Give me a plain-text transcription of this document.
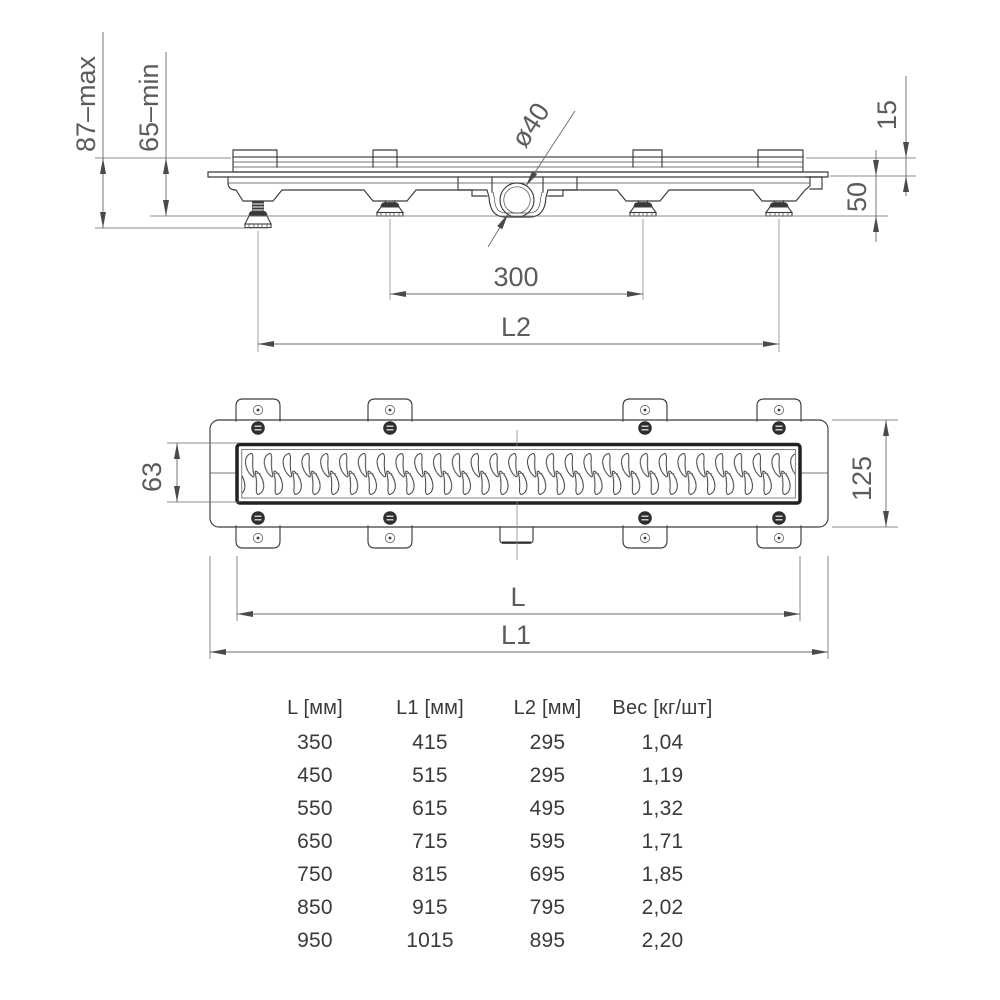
87–max 65–min	15
50
ø40
300
L2
63	125
L
L1
L [мм]	L1 [мм]	L2 [мм]	Вес [кг/шт]
350	415	295	1,04
450	515	295	1,19
550	615	495	1,32
650	715	595	1,71
750	815	695	1,85
850	915	795	2,02
950	1015	895	2,20
